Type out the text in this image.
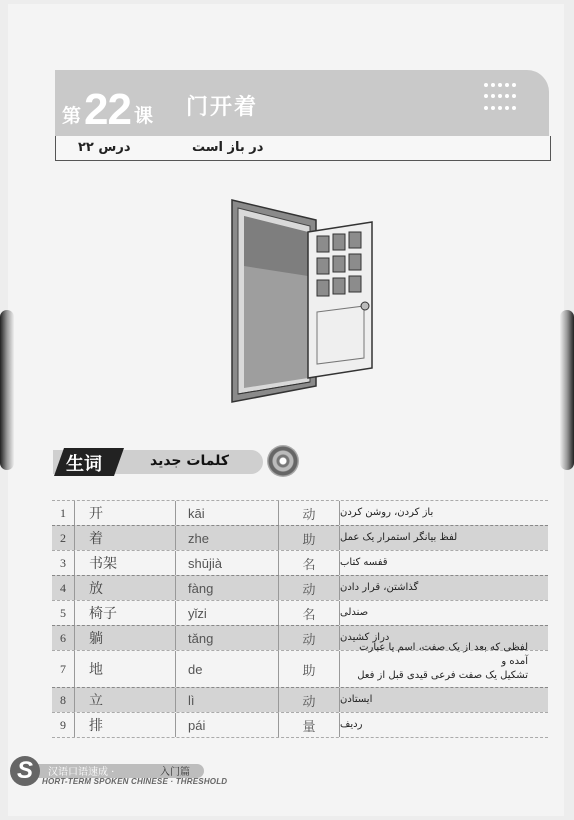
第 22 课 门开着
در باز است
درس ۲۲
生词	كلمات جديد
1	开	kāi	动	باز کردن، روشن کردن
2	着	zhe	助	لفظ بیانگر استمرار یک عمل
3	书架	shūjià	名	قفسه کتاب
4	放	fàng	动	گذاشتن، قرار دادن
5	椅子	yǐzi	名	صندلی
6	躺	tǎng	动	دراز کشیدن
7	地	de	助
لفظی که بعد از یک صفت، اسم یا عبارت آمده و
تشکیل یک صفت فرعی قیدی قبل از فعل
8	立	lì	动	ایستادن
9	排	pái	量	ردیف
S	汉语口语速成 ·	入门篇
HORT-TERM SPOKEN CHINESE · THRESHOLD
